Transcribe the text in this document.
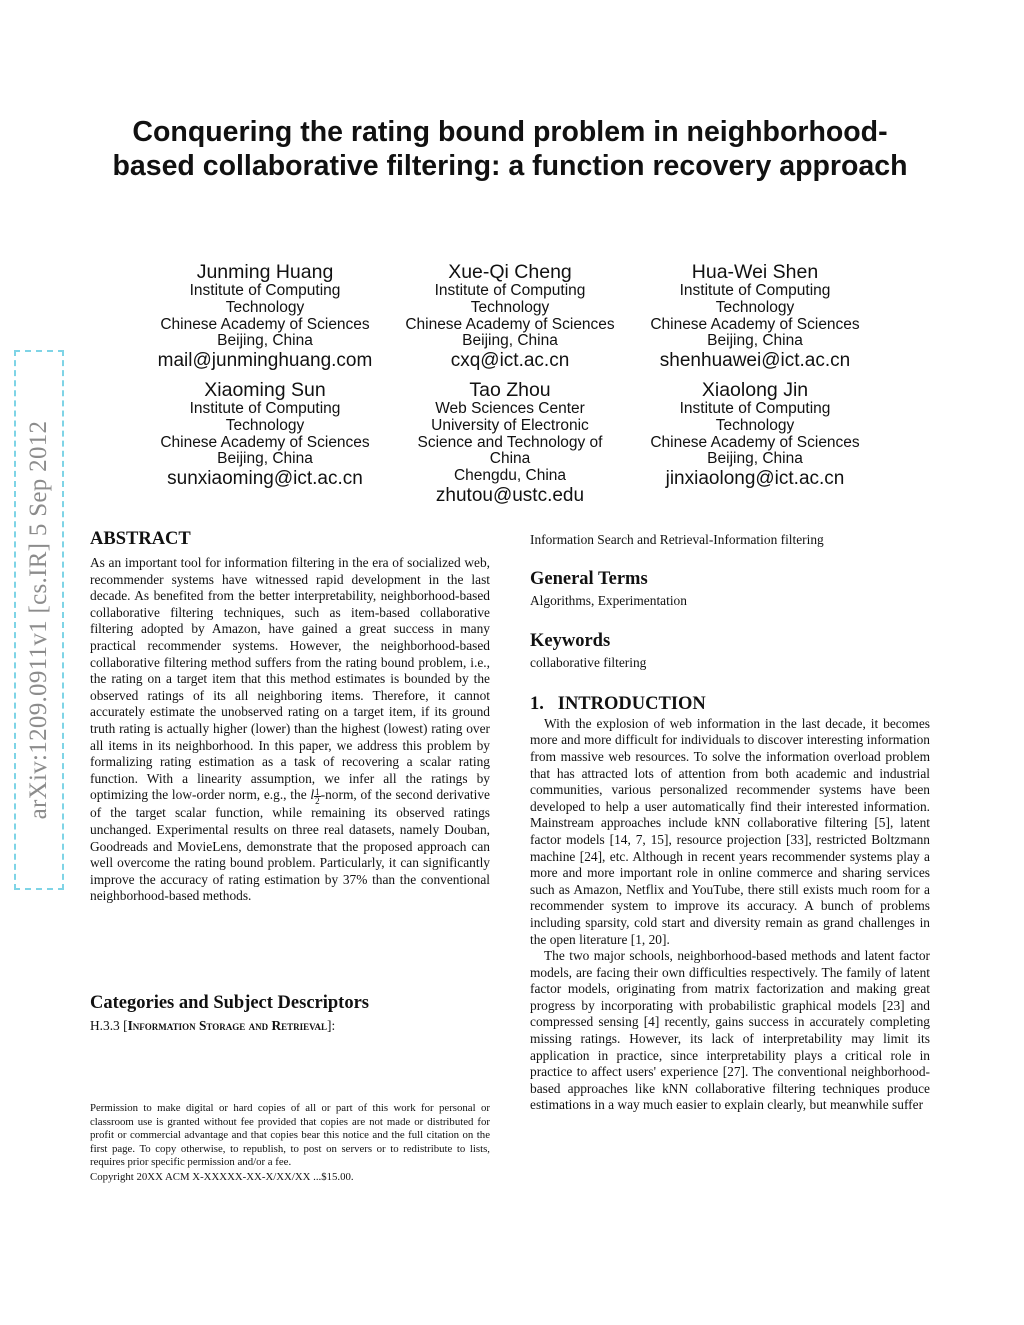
arXiv:1209.0911v1 [cs.IR] 5 Sep 2012
Conquering the rating bound problem in neighborhood-based collaborative filtering: a function recovery approach
Junming Huang
Institute of Computing
Technology
Chinese Academy of Sciences
Beijing, China
mail@junminghuang.com
Xue-Qi Cheng
Institute of Computing
Technology
Chinese Academy of Sciences
Beijing, China
cxq@ict.ac.cn
Hua-Wei Shen
Institute of Computing
Technology
Chinese Academy of Sciences
Beijing, China
shenhuawei@ict.ac.cn
Xiaoming Sun
Institute of Computing
Technology
Chinese Academy of Sciences
Beijing, China
sunxiaoming@ict.ac.cn
Tao Zhou
Web Sciences Center
University of Electronic
Science and Technology of
China
Chengdu, China
zhutou@ustc.edu
Xiaolong Jin
Institute of Computing
Technology
Chinese Academy of Sciences
Beijing, China
jinxiaolong@ict.ac.cn
ABSTRACT
As an important tool for information filtering in the era of socialized web, recommender systems have witnessed rapid development in the last decade. As benefited from the better interpretability, neighborhood-based collaborative filtering techniques, such as item-based collaborative filtering adopted by Amazon, have gained a great success in many practical recommender systems. However, the neighborhood-based collaborative filtering method suffers from the rating bound problem, i.e., the rating on a target item that this method estimates is bounded by the observed ratings of its all neighboring items. Therefore, it cannot accurately estimate the unobserved rating on a target item, if its ground truth rating is actually higher (lower) than the highest (lowest) rating over all items in its neighborhood. In this paper, we address this problem by formalizing rating estimation as a task of recovering a scalar rating function. With a linearity assumption, we infer all the ratings by optimizing the low-order norm, e.g., the l $\frac{1}{2}$ -norm, of the second derivative of the target scalar function, while remaining its observed ratings unchanged. Experimental results on three real datasets, namely Douban, Goodreads and MovieLens, demonstrate that the proposed approach can well overcome the rating bound problem. Particularly, it can significantly improve the accuracy of rating estimation by 37% than the conventional neighborhood-based methods.
Categories and Subject Descriptors
H.3.3 [Information Storage and Retrieval]:
Permission to make digital or hard copies of all or part of this work for personal or classroom use is granted without fee provided that copies are not made or distributed for profit or commercial advantage and that copies bear this notice and the full citation on the first page. To copy otherwise, to republish, to post on servers or to redistribute to lists, requires prior specific permission and/or a fee.
Copyright 20XX ACM X-XXXXX-XX-X/XX/XX ...$15.00.
Information Search and Retrieval-Information filtering
General Terms
Algorithms, Experimentation
Keywords
collaborative filtering
1.   INTRODUCTION
With the explosion of web information in the last decade, it becomes more and more difficult for individuals to discover interesting information from massive web resources. To solve the information overload problem that has attracted lots of attention from both academic and industrial communities, various personalized recommender systems have been developed to help a user automatically find their interested information. Mainstream approaches include kNN collaborative filtering [5], latent factor models [14, 7, 15], resource projection [33], restricted Boltzmann machine [24], etc. Although in recent years recommender systems play a more and more important role in online commerce and sharing services such as Amazon, Netflix and YouTube, there still exists much room for a recommender system to improve its accuracy. A bunch of problems including sparsity, cold start and diversity remain as grand challenges in the open literature [1, 20].
The two major schools, neighborhood-based methods and latent factor models, are facing their own difficulties respectively. The family of latent factor models, originating from matrix factorization and making great progress by incorporating with probabilistic graphical models [23] and compressed sensing [4] recently, gains success in accurately completing missing ratings. However, its lack of interpretability may limit its application in practice, since interpretability plays a critical role in practice to affect users' experience [27]. The conventional neighborhood-based approaches like kNN collaborative filtering techniques produce estimations in a way much easier to explain clearly, but meanwhile suffer
